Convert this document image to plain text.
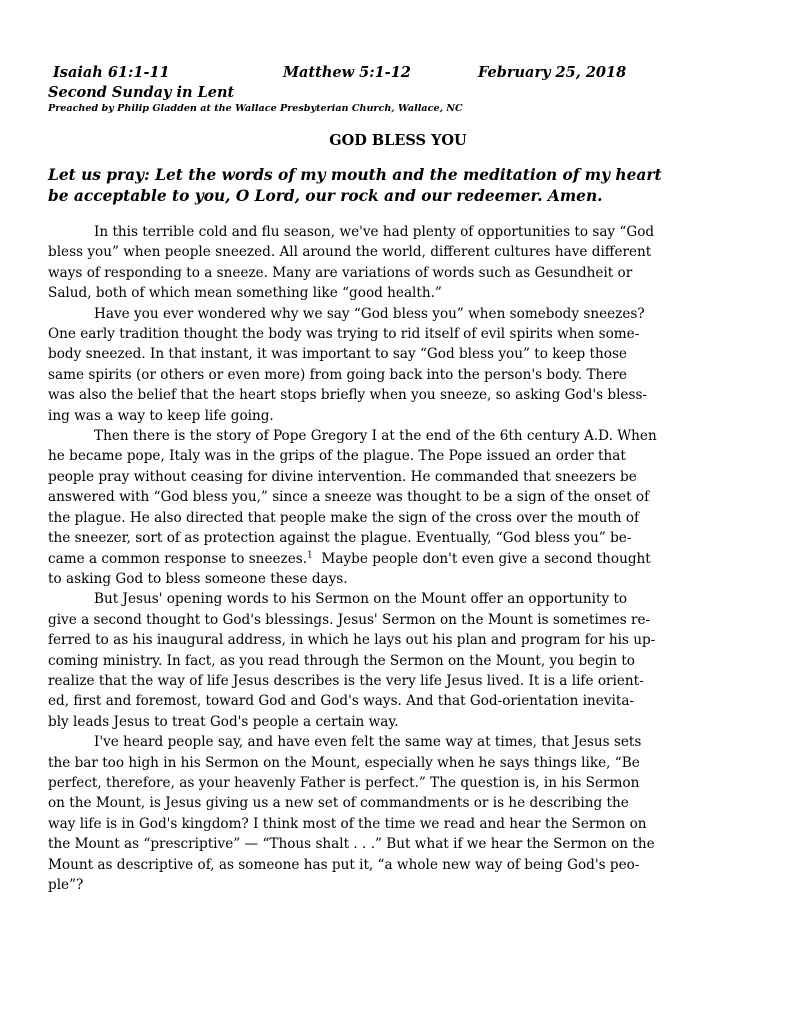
Isaiah 61:1-11	Matthew 5:1-12	February 25, 2018
Second Sunday in Lent
Preached by Philip Gladden at the Wallace Presbyterian Church, Wallace, NC
GOD BLESS YOU
Let us pray: Let the words of my mouth and the meditation of my heart
be acceptable to you, O Lord, our rock and our redeemer. Amen.

In this terrible cold and flu season, we've had plenty of opportunities to say “God
bless you” when people sneezed. All around the world, different cultures have different
ways of responding to a sneeze. Many are variations of words such as Gesundheit or
Salud, both of which mean something like “good health.”

Have you ever wondered why we say “God bless you” when somebody sneezes?
One early tradition thought the body was trying to rid itself of evil spirits when some-
body sneezed. In that instant, it was important to say “God bless you” to keep those
same spirits (or others or even more) from going back into the person's body. There
was also the belief that the heart stops briefly when you sneeze, so asking God's bless-
ing was a way to keep life going.

Then there is the story of Pope Gregory I at the end of the 6th century A.D. When
he became pope, Italy was in the grips of the plague. The Pope issued an order that
people pray without ceasing for divine intervention. He commanded that sneezers be
answered with “God bless you,” since a sneeze was thought to be a sign of the onset of
the plague. He also directed that people make the sign of the cross over the mouth of
the sneezer, sort of as protection against the plague. Eventually, “God bless you” be-
came a common response to sneezes.$^1$  Maybe people don't even give a second thought
to asking God to bless someone these days.

But Jesus' opening words to his Sermon on the Mount offer an opportunity to
give a second thought to God's blessings. Jesus' Sermon on the Mount is sometimes re-
ferred to as his inaugural address, in which he lays out his plan and program for his up-
coming ministry. In fact, as you read through the Sermon on the Mount, you begin to
realize that the way of life Jesus describes is the very life Jesus lived. It is a life orient-
ed, first and foremost, toward God and God's ways. And that God-orientation inevita-
bly leads Jesus to treat God's people a certain way.

I've heard people say, and have even felt the same way at times, that Jesus sets
the bar too high in his Sermon on the Mount, especially when he says things like, “Be
perfect, therefore, as your heavenly Father is perfect.” The question is, in his Sermon
on the Mount, is Jesus giving us a new set of commandments or is he describing the
way life is in God's kingdom? I think most of the time we read and hear the Sermon on
the Mount as “prescriptive” — “Thous shalt . . .” But what if we hear the Sermon on the
Mount as descriptive of, as someone has put it, “a whole new way of being God's peo-
ple”?
